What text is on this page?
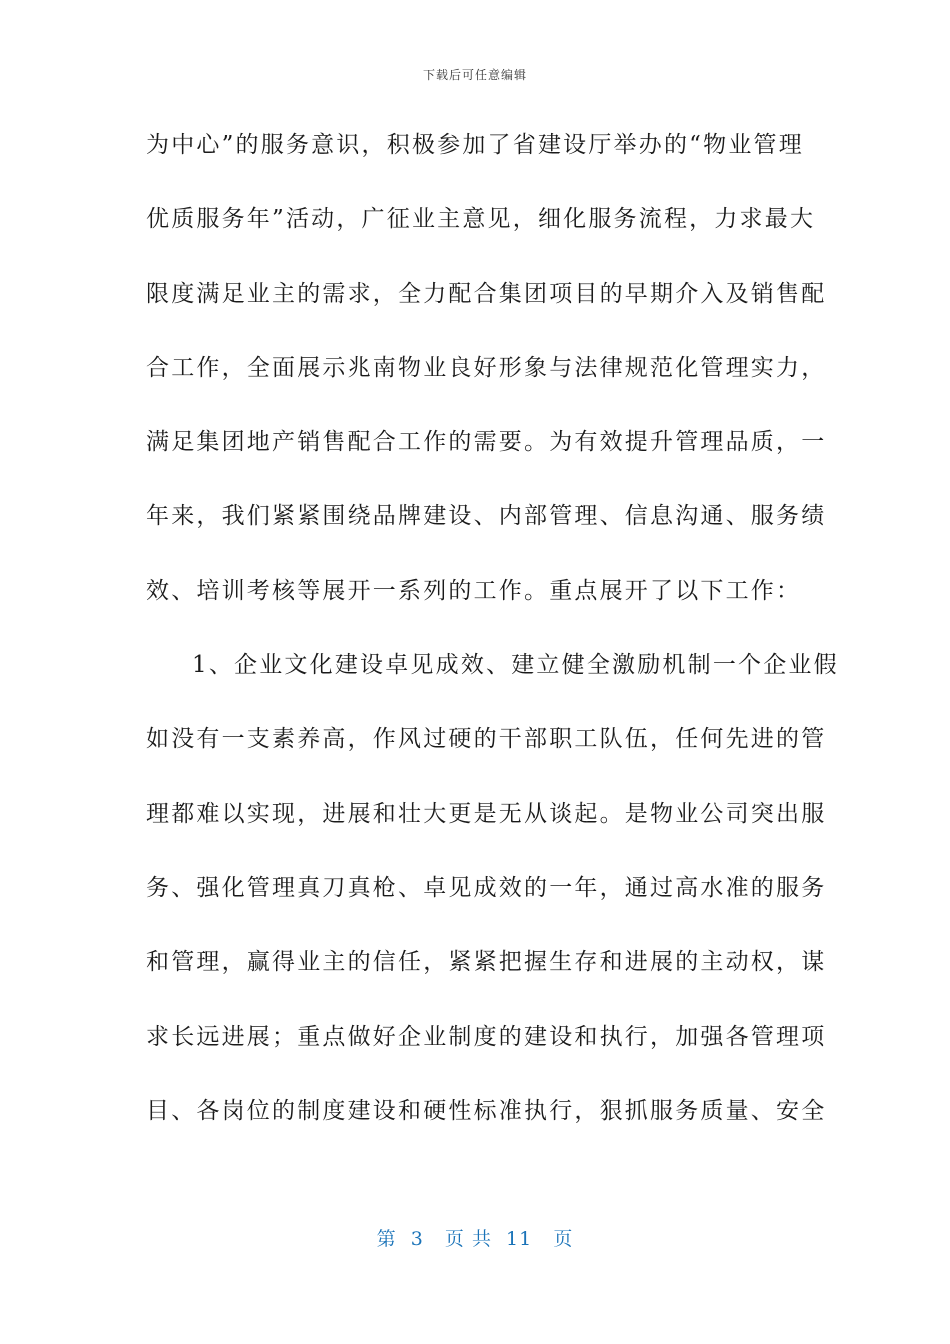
下载后可任意编辑
为中心”的服务意识，积极参加了省建设厅举办的“物业管理
优质服务年”活动，广征业主意见，细化服务流程，力求最大
限度满足业主的需求，全力配合集团项目的早期介入及销售配
合工作，全面展示兆南物业良好形象与法律规范化管理实力，
满足集团地产销售配合工作的需要。为有效提升管理品质，一
年来，我们紧紧围绕品牌建设、内部管理、信息沟通、服务绩
效、培训考核等展开一系列的工作。重点展开了以下工作：
1、企业文化建设卓见成效、建立健全激励机制一个企业假
如没有一支素养高，作风过硬的干部职工队伍，任何先进的管
理都难以实现，进展和壮大更是无从谈起。是物业公司突出服
务、强化管理真刀真枪、卓见成效的一年，通过高水准的服务
和管理，赢得业主的信任，紧紧把握生存和进展的主动权，谋
求长远进展；重点做好企业制度的建设和执行，加强各管理项
目、各岗位的制度建设和硬性标准执行，狠抓服务质量、安全
第  3   页 共  11   页
